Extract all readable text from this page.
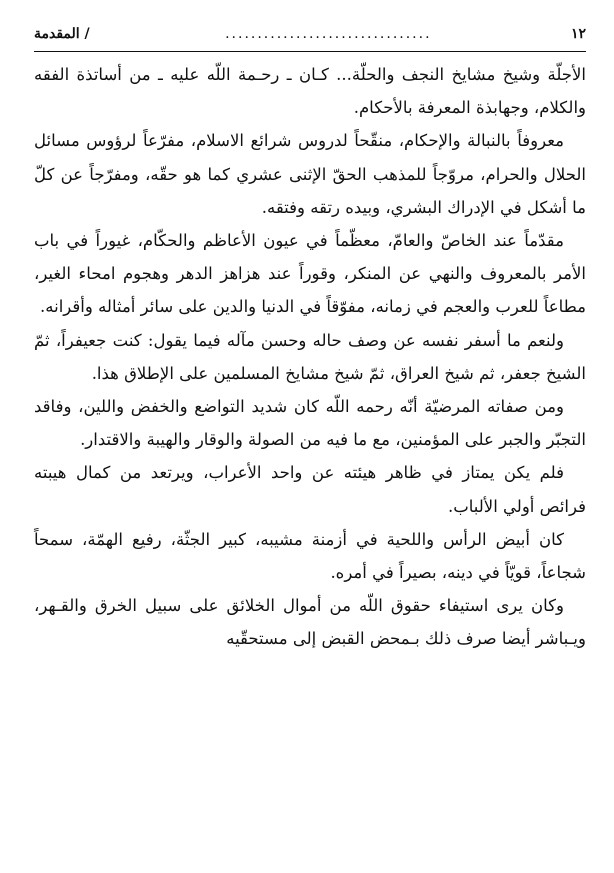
١٢
................................
/ المقدمة

الأجلّة وشيخ مشايخ النجف والحلّة... كـان ـ رحـمة اللّه عليه ـ من أساتذة الفقه والكلام، وجهابذة المعرفة بالأحكام.

معروفاً بالنبالة والإحكام، منقّحاً لدروس شرائع الاسلام، مفرّعاً لرؤوس مسائل الحلال والحرام، مروّجاً للمذهب الحقّ الإثنى عشري كما هو حقّه، ومفرّجاً عن كلّ ما أشكل في الإدراك البشري، وبيده رتقه وفتقه.

مقدّماً عند الخاصّ والعامّ، معظّماً في عيون الأعاظم والحكّام، غيوراً في باب الأمر بالمعروف والنهي عن المنكر، وقوراً عند هزاهز الدهر وهجوم امحاء الغير، مطاعاً للعرب والعجم في زمانه، مفوّقاً في الدنيا والدين على سائر أمثاله وأقرانه.

ولنعم ما أسفر نفسه عن وصف حاله وحسن مآله فيما يقول: كنت جعيفراً، ثمّ الشيخ جعفر، ثم شيخ العراق، ثمّ شيخ مشايخ المسلمين على الإطلاق هذا.

ومن صفاته المرضيّة أنّه رحمه اللّه كان شديد التواضع والخفض واللين، وفاقد التجبّر والجبر على المؤمنين، مع ما فيه من الصولة والوقار والهيبة والاقتدار.

فلم يكن يمتاز في ظاهر هيئته عن واحد الأعراب، ويرتعد من كمال هيبته فرائص أولي الألباب.

كان أبيض الرأس واللحية في أزمنة مشيبه، كبير الجثّة، رفيع الهمّة، سمحاً شجاعاً، قويّاً في دينه، بصيراً في أمره.

وكان يرى استيفاء حقوق اللّه من أموال الخلائق على سبيل الخرق والقـهر، ويـباشر أيضا صرف ذلك بـمحض القبض إلى مستحقّيه
